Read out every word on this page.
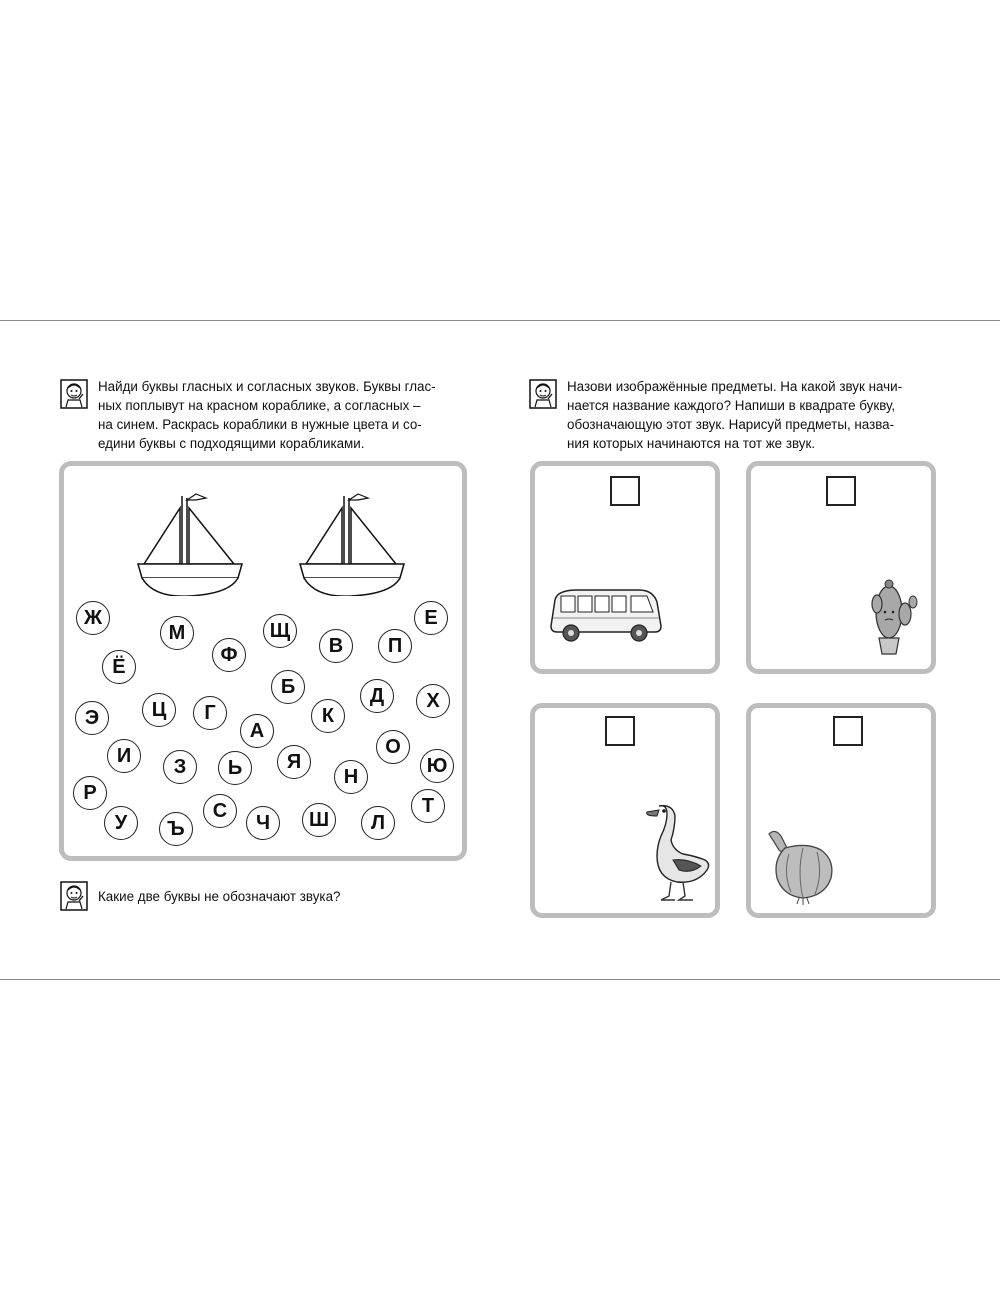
Найди буквы гласных и согласных звуков. Буквы глас-
ных поплывут на красном кораблике, а согласных –
на синем. Раскрась кораблики в нужные цвета и со-
едини буквы с подходящими корабликами.
Ж
М	Щ
Е
Ф	В	П
Ё
Б	Д
Э	Ц	Г
А
К
Х
И	З	Ь	Я
О
Ю
Н
Р
С	Т
У	Ъ	Ч	Ш	Л
Какие две буквы не обозначают звука?
Назови изображённые предметы. На какой звук начи-
нается название каждого? Напиши в квадрате букву,
обозначающую этот звук. Нарисуй предметы, назва-
ния которых начинаются на тот же звук.
